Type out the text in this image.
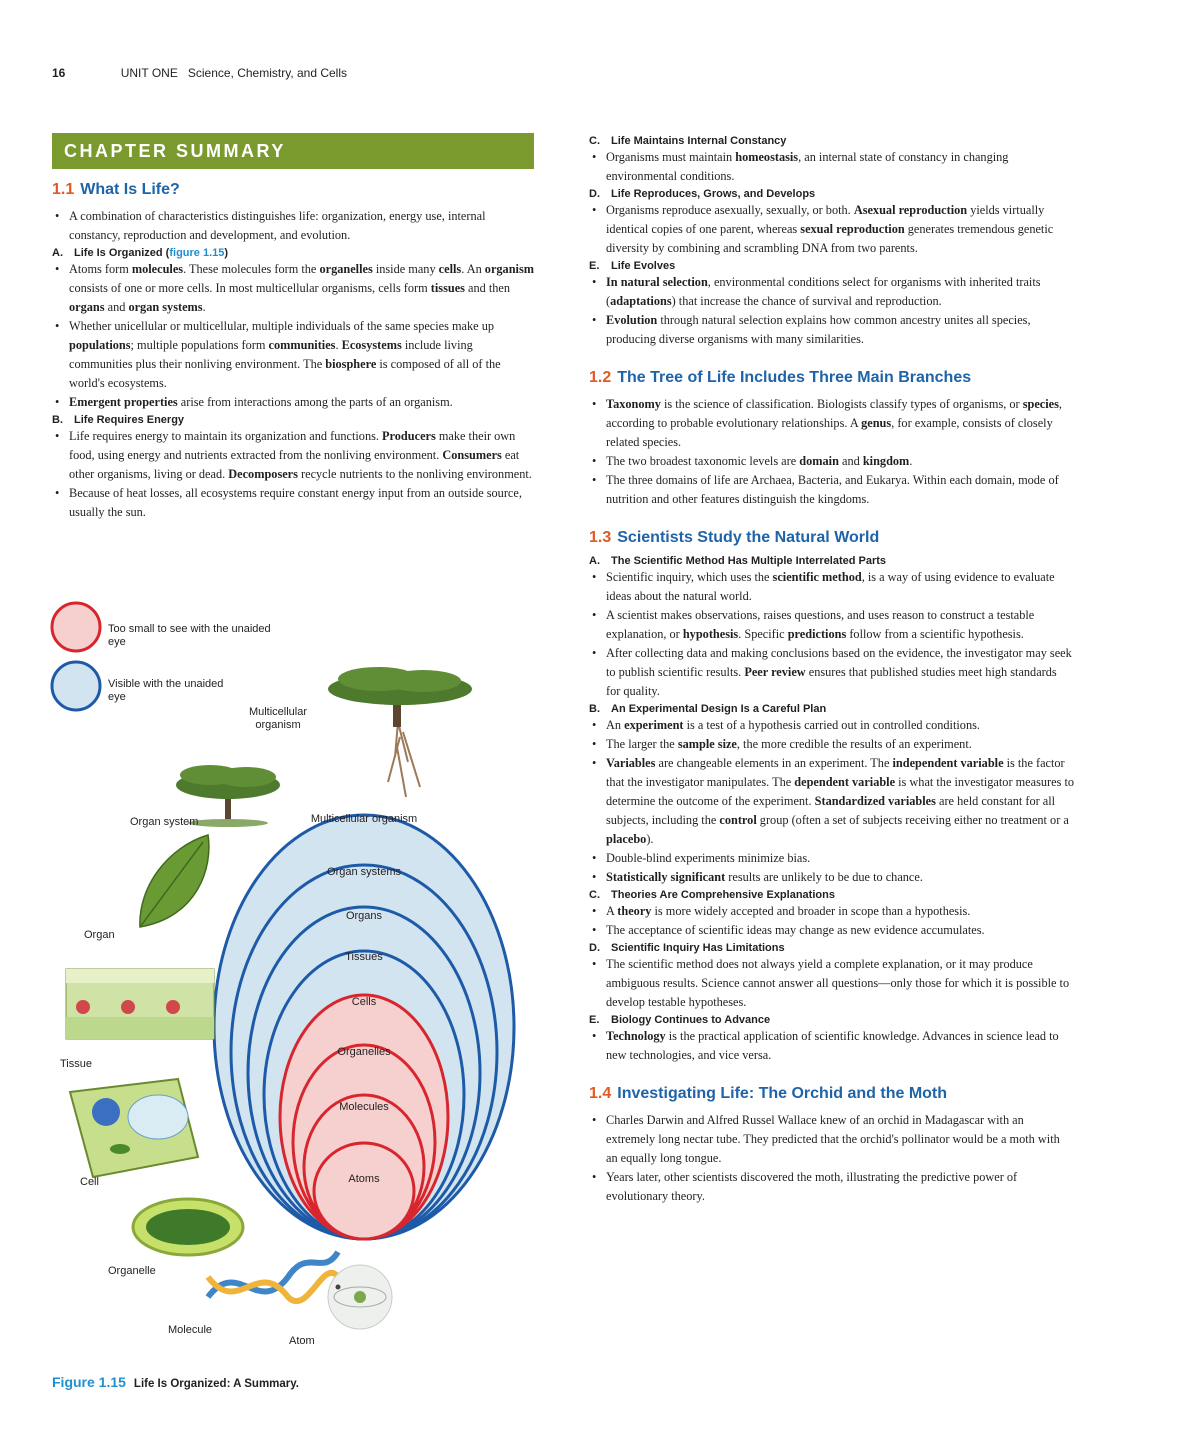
16	UNIT ONE Science, Chemistry, and Cells
CHAPTER SUMMARY
1.1 What Is Life?
• A combination of characteristics distinguishes life: organization, energy use, internal constancy, reproduction and development, and evolution.
A. Life Is Organized (figure 1.15)
• Atoms form molecules. These molecules form the organelles inside many cells. An organism consists of one or more cells. In most multicellular organisms, cells form tissues and then organs and organ systems.
• Whether unicellular or multicellular, multiple individuals of the same species make up populations; multiple populations form communities. Ecosystems include living communities plus their nonliving environment. The biosphere is composed of all of the world's ecosystems.
• Emergent properties arise from interactions among the parts of an organism.
B. Life Requires Energy
• Life requires energy to maintain its organization and functions. Producers make their own food, using energy and nutrients extracted from the nonliving environment. Consumers eat other organisms, living or dead. Decomposers recycle nutrients to the nonliving environment.
• Because of heat losses, all ecosystems require constant energy input from an outside source, usually the sun.
Too small to see with the unaided eye
Visible with the unaided eye
Multicellular organism
Organ system
Organ
Tissue
Cell
Organelle
Molecule
Atom
Multicellular organism
Organ systems
Organs
Tissues
Cells
Organelles
Molecules
Atoms
Figure 1.15 Life Is Organized: A Summary.
C. Life Maintains Internal Constancy
• Organisms must maintain homeostasis, an internal state of constancy in changing environmental conditions.
D. Life Reproduces, Grows, and Develops
• Organisms reproduce asexually, sexually, or both. Asexual reproduction yields virtually identical copies of one parent, whereas sexual reproduction generates tremendous genetic diversity by combining and scrambling DNA from two parents.
E. Life Evolves
• In natural selection, environmental conditions select for organisms with inherited traits (adaptations) that increase the chance of survival and reproduction.
• Evolution through natural selection explains how common ancestry unites all species, producing diverse organisms with many similarities.
1.2 The Tree of Life Includes Three Main Branches
• Taxonomy is the science of classification. Biologists classify types of organisms, or species, according to probable evolutionary relationships. A genus, for example, consists of closely related species.
• The two broadest taxonomic levels are domain and kingdom.
• The three domains of life are Archaea, Bacteria, and Eukarya. Within each domain, mode of nutrition and other features distinguish the kingdoms.
1.3 Scientists Study the Natural World
A. The Scientific Method Has Multiple Interrelated Parts
• Scientific inquiry, which uses the scientific method, is a way of using evidence to evaluate ideas about the natural world.
• A scientist makes observations, raises questions, and uses reason to construct a testable explanation, or hypothesis. Specific predictions follow from a scientific hypothesis.
• After collecting data and making conclusions based on the evidence, the investigator may seek to publish scientific results. Peer review ensures that published studies meet high standards for quality.
B. An Experimental Design Is a Careful Plan
• An experiment is a test of a hypothesis carried out in controlled conditions.
• The larger the sample size, the more credible the results of an experiment.
• Variables are changeable elements in an experiment. The independent variable is the factor that the investigator manipulates. The dependent variable is what the investigator measures to determine the outcome of the experiment. Standardized variables are held constant for all subjects, including the control group (often a set of subjects receiving either no treatment or a placebo).
• Double-blind experiments minimize bias.
• Statistically significant results are unlikely to be due to chance.
C. Theories Are Comprehensive Explanations
• A theory is more widely accepted and broader in scope than a hypothesis.
• The acceptance of scientific ideas may change as new evidence accumulates.
D. Scientific Inquiry Has Limitations
• The scientific method does not always yield a complete explanation, or it may produce ambiguous results. Science cannot answer all questions—only those for which it is possible to develop testable hypotheses.
E. Biology Continues to Advance
• Technology is the practical application of scientific knowledge. Advances in science lead to new technologies, and vice versa.
1.4 Investigating Life: The Orchid and the Moth
• Charles Darwin and Alfred Russel Wallace knew of an orchid in Madagascar with an extremely long nectar tube. They predicted that the orchid's pollinator would be a moth with an equally long tongue.
• Years later, other scientists discovered the moth, illustrating the predictive power of evolutionary theory.
